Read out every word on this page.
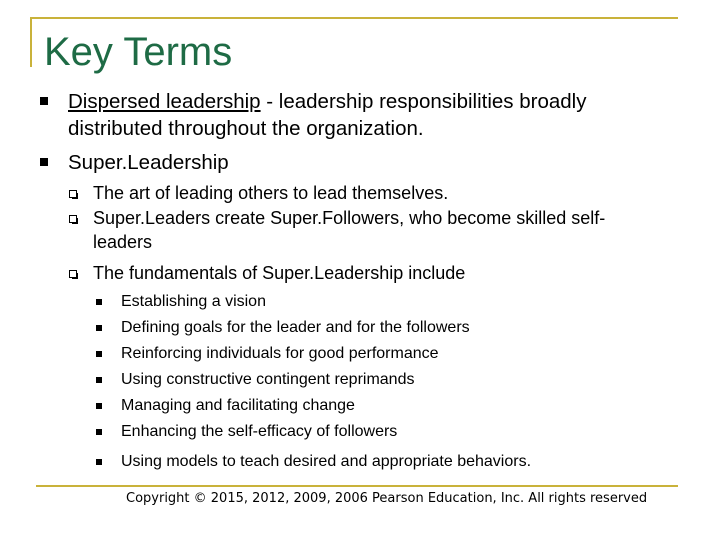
Key Terms
Dispersed leadership - leadership responsibilities broadly
distributed throughout the organization.
Super.Leadership
The art of leading others to lead themselves.
Super.Leaders create Super.Followers, who become skilled self-
leaders
The fundamentals of Super.Leadership include
Establishing a vision
Defining goals for the leader and for the followers
Reinforcing individuals for good performance
Using constructive contingent reprimands
Managing and facilitating change
Enhancing the self-efficacy of followers
Using models to teach desired and appropriate behaviors.
Copyright © 2015, 2012, 2009, 2006 Pearson Education, Inc. All rights reserved
